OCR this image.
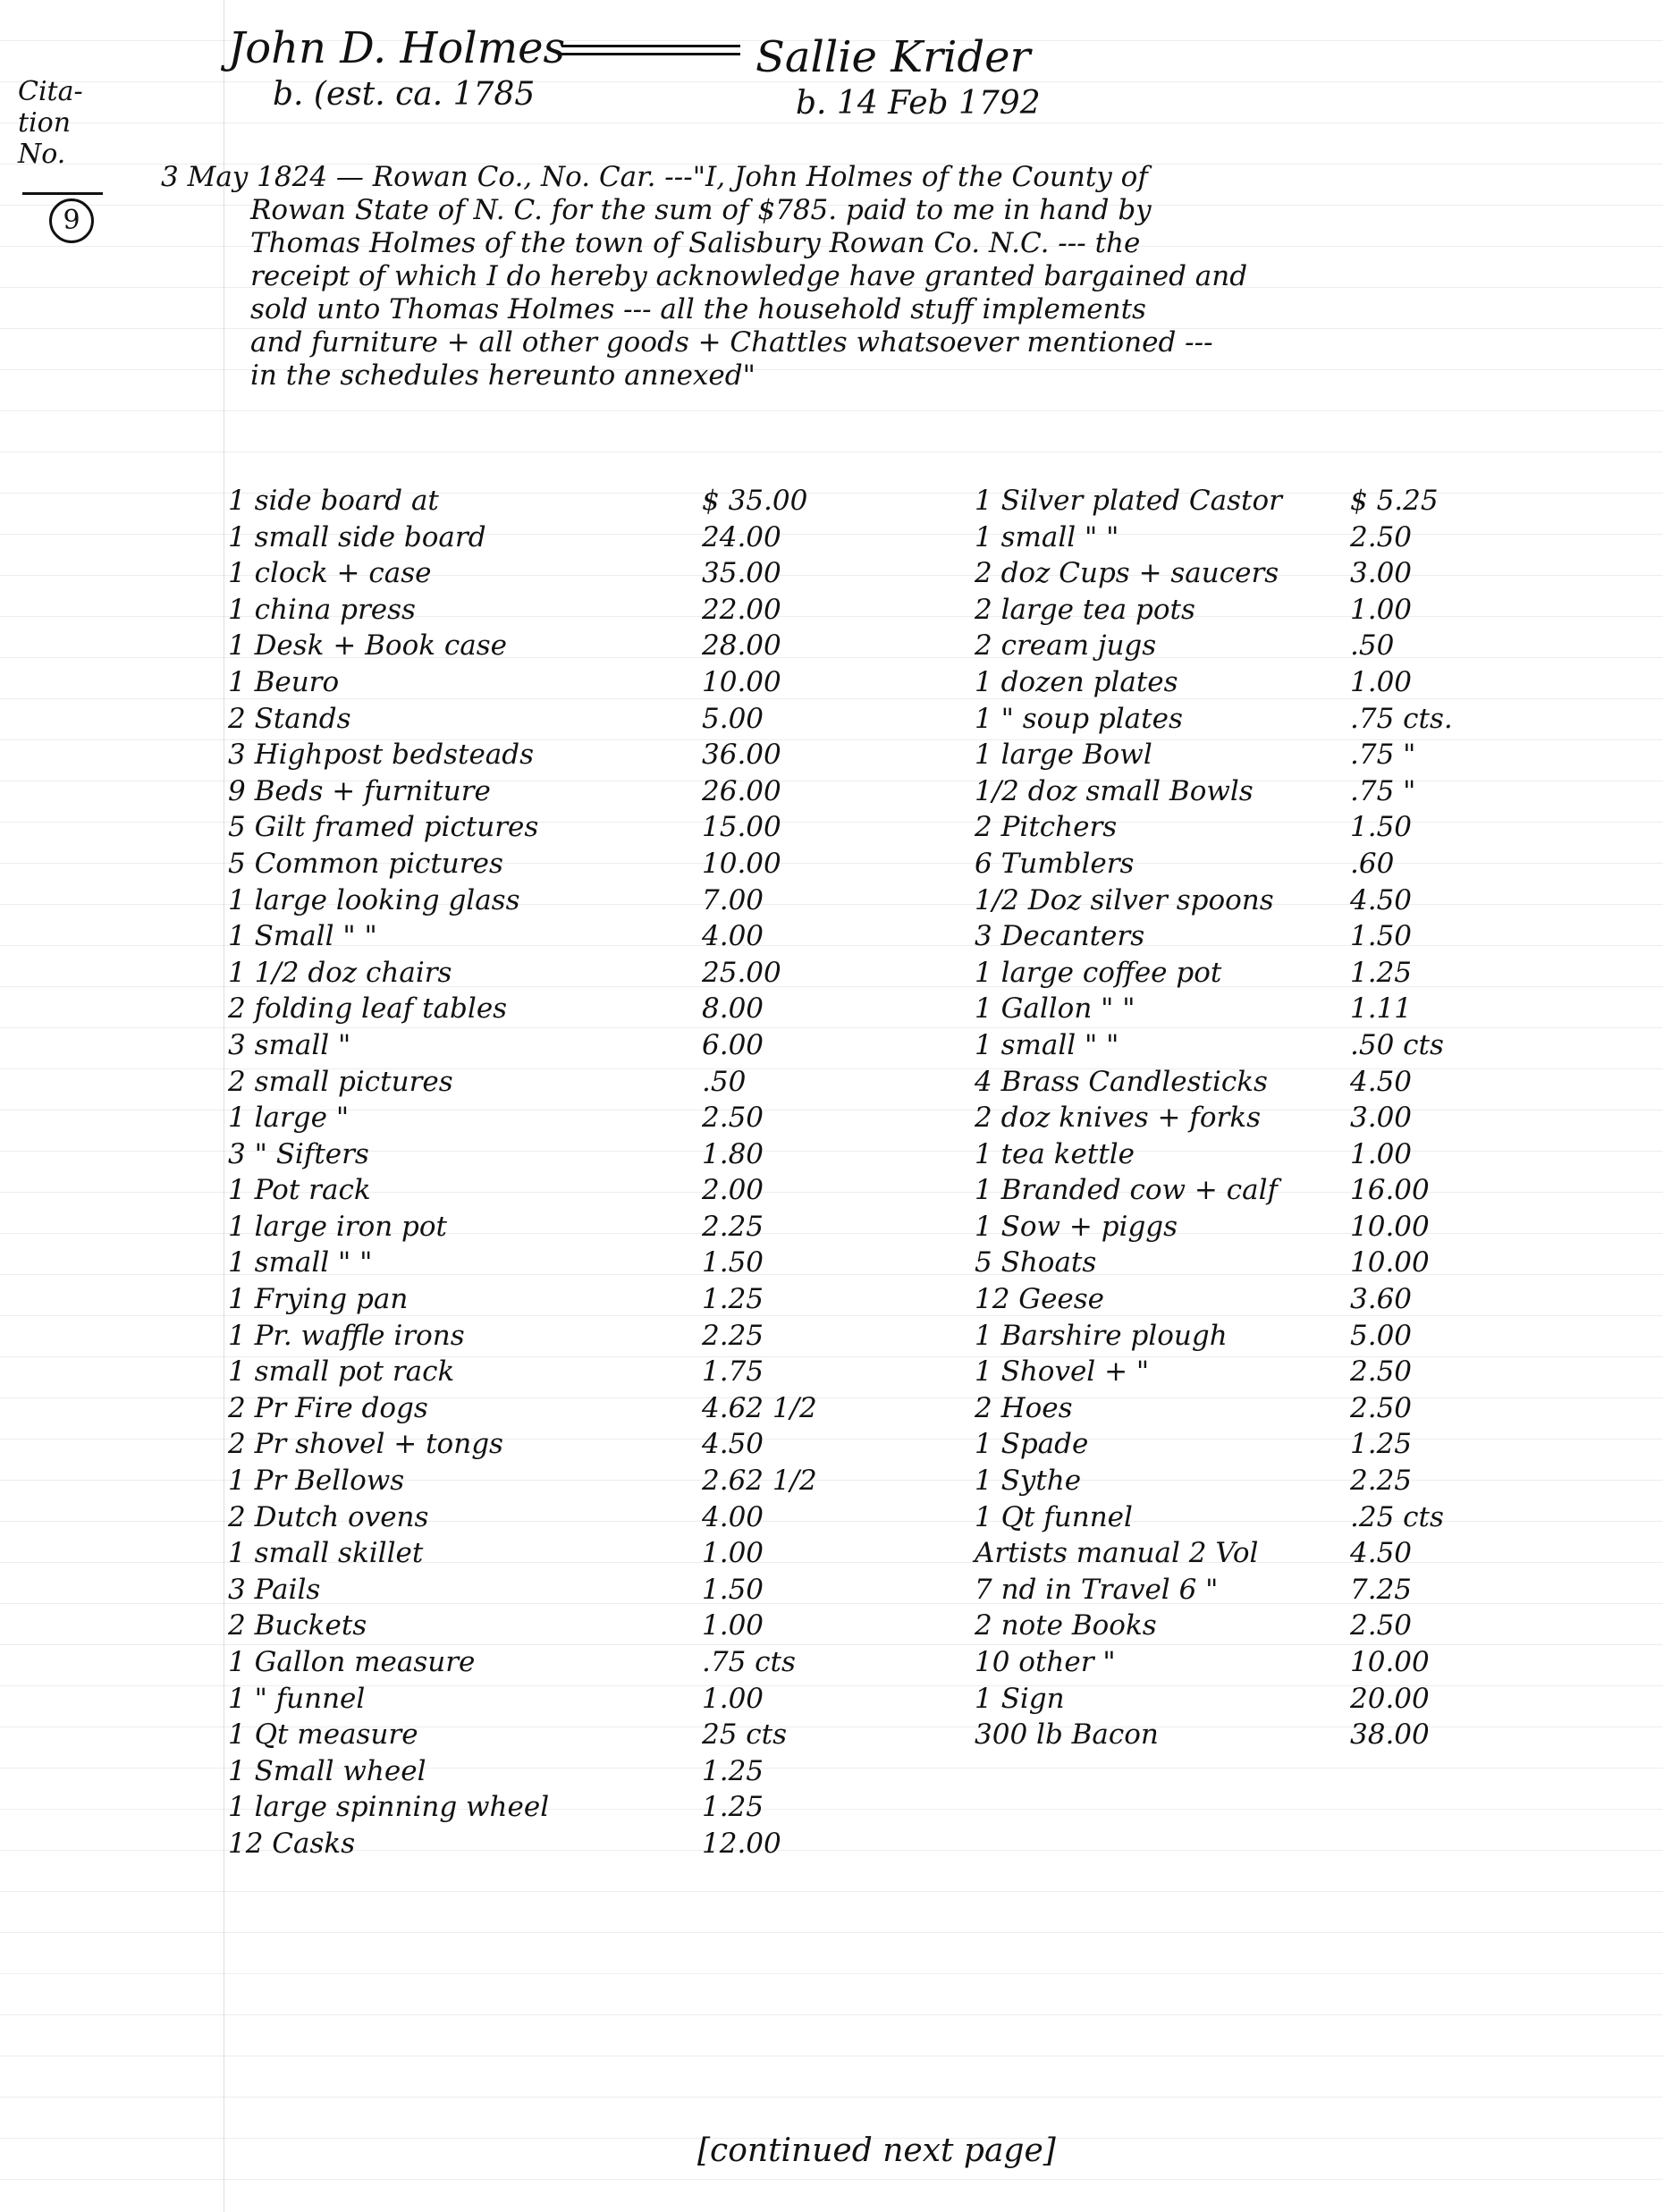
John D. Holmes	Sallie Krider
b. (est. ca. 1785	b. 14 Feb 1792
Cita-
tion
No.
9
3 May 1824 — Rowan Co., No. Car. ---"I, John Holmes of the County of
Rowan State of N. C. for the sum of $785. paid to me in hand by
Thomas Holmes of the town of Salisbury Rowan Co. N.C. --- the
receipt of which I do hereby acknowledge have granted bargained and
sold unto Thomas Holmes --- all the household stuff implements
and furniture + all other goods + Chattles whatsoever mentioned ---
in the schedules hereunto annexed"
1 side board at	$ 35.00
1 small side board	24.00
1 clock + case	35.00
1 china press	22.00
1 Desk + Book case	28.00
1 Beuro	10.00
2 Stands	5.00
3 Highpost bedsteads	36.00
9 Beds + furniture	26.00
5 Gilt framed pictures	15.00
5 Common pictures	10.00
1 large looking glass	7.00
1 Small " "	4.00
1 1/2 doz chairs	25.00
2 folding leaf tables	8.00
3 small "	6.00
2 small pictures	.50
1 large "	2.50
3 " Sifters	1.80
1 Pot rack	2.00
1 large iron pot	2.25
1 small " "	1.50
1 Frying pan	1.25
1 Pr. waffle irons	2.25
1 small pot rack	1.75
2 Pr Fire dogs	4.62 1/2
2 Pr shovel + tongs	4.50
1 Pr Bellows	2.62 1/2
2 Dutch ovens	4.00
1 small skillet	1.00
3 Pails	1.50
2 Buckets	1.00
1 Gallon measure	.75 cts
1 " funnel	1.00
1 Qt measure	25 cts
1 Small wheel	1.25
1 large spinning wheel	1.25
12 Casks	12.00
1 Silver plated Castor $ 5.25
1 small " "	2.50
2 doz Cups + saucers	3.00
2 large tea pots	1.00
2 cream jugs	.50
1 dozen plates	1.00
1 " soup plates	.75 cts.
1 large Bowl	.75 "
1/2 doz small Bowls	.75 "
2 Pitchers	1.50
6 Tumblers	.60
1/2 Doz silver spoons	4.50
3 Decanters	1.50
1 large coffee pot	1.25
1 Gallon " "	1.11
1 small " "	.50 cts
4 Brass Candlesticks	4.50
2 doz knives + forks	3.00
1 tea kettle	1.00
1 Branded cow + calf	16.00
1 Sow + piggs	10.00
5 Shoats	10.00
12 Geese	3.60
1 Barshire plough	5.00
1 Shovel + "	2.50
2 Hoes	2.50
1 Spade	1.25
1 Sythe	2.25
1 Qt funnel	.25 cts
Artists manual 2 Vol	4.50
7 nd in Travel 6 "	7.25
2 note Books	2.50
10 other "	10.00
1 Sign	20.00
300 lb Bacon	38.00
[continued next page]
